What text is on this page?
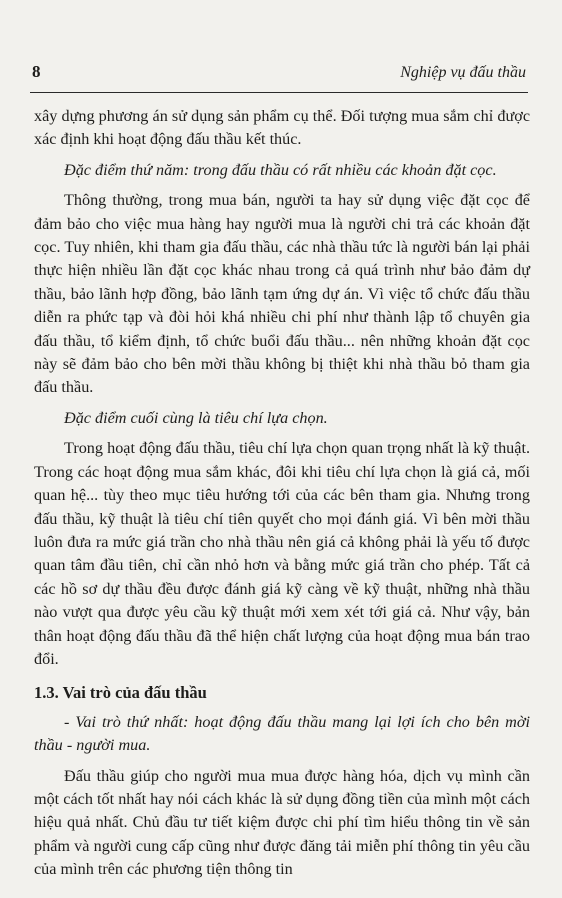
8	Nghiệp vụ đấu thầu

xây dựng phương án sử dụng sản phẩm cụ thể. Đối tượng mua sắm chỉ được xác định khi hoạt động đấu thầu kết thúc.

Đặc điểm thứ năm: trong đấu thầu có rất nhiều các khoản đặt cọc.

Thông thường, trong mua bán, người ta hay sử dụng việc đặt cọc để đảm bảo cho việc mua hàng hay người mua là người chi trả các khoản đặt cọc. Tuy nhiên, khi tham gia đấu thầu, các nhà thầu tức là người bán lại phải thực hiện nhiều lần đặt cọc khác nhau trong cả quá trình như bảo đảm dự thầu, bảo lãnh hợp đồng, bảo lãnh tạm ứng dự án. Vì việc tổ chức đấu thầu diễn ra phức tạp và đòi hỏi khá nhiều chi phí như thành lập tổ chuyên gia đấu thầu, tổ kiểm định, tổ chức buổi đấu thầu... nên những khoản đặt cọc này sẽ đảm bảo cho bên mời thầu không bị thiệt khi nhà thầu bỏ tham gia đấu thầu.

Đặc điểm cuối cùng là tiêu chí lựa chọn.

Trong hoạt động đấu thầu, tiêu chí lựa chọn quan trọng nhất là kỹ thuật. Trong các hoạt động mua sắm khác, đôi khi tiêu chí lựa chọn là giá cả, mối quan hệ... tùy theo mục tiêu hướng tới của các bên tham gia. Nhưng trong đấu thầu, kỹ thuật là tiêu chí tiên quyết cho mọi đánh giá. Vì bên mời thầu luôn đưa ra mức giá trần cho nhà thầu nên giá cả không phải là yếu tố được quan tâm đầu tiên, chỉ cần nhỏ hơn và bằng mức giá trần cho phép. Tất cả các hồ sơ dự thầu đều được đánh giá kỹ càng về kỹ thuật, những nhà thầu nào vượt qua được yêu cầu kỹ thuật mới xem xét tới giá cả. Như vậy, bản thân hoạt động đấu thầu đã thể hiện chất lượng của hoạt động mua bán trao đổi.

1.3. Vai trò của đấu thầu

- Vai trò thứ nhất: hoạt động đấu thầu mang lại lợi ích cho bên mời thầu - người mua.

Đấu thầu giúp cho người mua mua được hàng hóa, dịch vụ mình cần một cách tốt nhất hay nói cách khác là sử dụng đồng tiền của mình một cách hiệu quả nhất. Chủ đầu tư tiết kiệm được chi phí tìm hiểu thông tin về sản phẩm và người cung cấp cũng như được đăng tải miễn phí thông tin yêu cầu của mình trên các phương tiện thông tin
